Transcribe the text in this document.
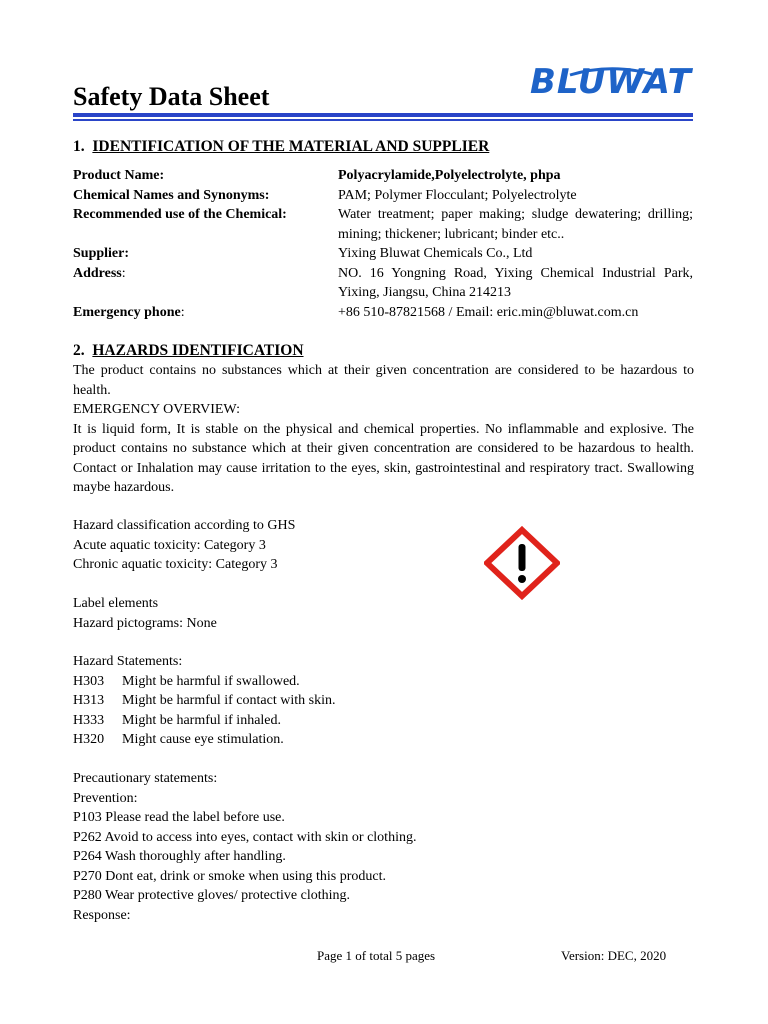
Safety Data Sheet	BLUWAT
1. IDENTIFICATION OF THE MATERIAL AND SUPPLIER
Product Name:	Polyacrylamide,Polyelectrolyte, phpa
Chemical Names and Synonyms:	PAM; Polymer Flocculant; Polyelectrolyte
Recommended use of the Chemical:	Water treatment; paper making; sludge dewatering; drilling; mining; thickener; lubricant; binder etc..
Supplier:	Yixing Bluwat Chemicals Co., Ltd
Address:	NO. 16 Yongning Road, Yixing Chemical Industrial Park, Yixing, Jiangsu, China 214213
Emergency phone:	+86 510-87821568 / Email: eric.min@bluwat.com.cn
2. HAZARDS IDENTIFICATION

The product contains no substances which at their given concentration are considered to be hazardous to health.

EMERGENCY OVERVIEW:

It is liquid form, It is stable on the physical and chemical properties. No inflammable and explosive. The product contains no substance which at their given concentration are considered to be hazardous to health. Contact or Inhalation may cause irritation to the eyes, skin, gastrointestinal and respiratory tract. Swallowing maybe hazardous.

Hazard classification according to GHS

Acute aquatic toxicity: Category 3

Chronic aquatic toxicity: Category 3

Label elements

Hazard pictograms: None

Hazard Statements:

H303	Might be harmful if swallowed.
H313	Might be harmful if contact with skin.
H333	Might be harmful if inhaled.
H320	Might cause eye stimulation.

Precautionary statements:

Prevention:

P103 Please read the label before use.

P262 Avoid to access into eyes, contact with skin or clothing.

P264 Wash thoroughly after handling.

P270 Dont eat, drink or smoke when using this product.

P280 Wear protective gloves/ protective clothing.

Response:

Page 1 of total 5 pages	Version: DEC, 2020
